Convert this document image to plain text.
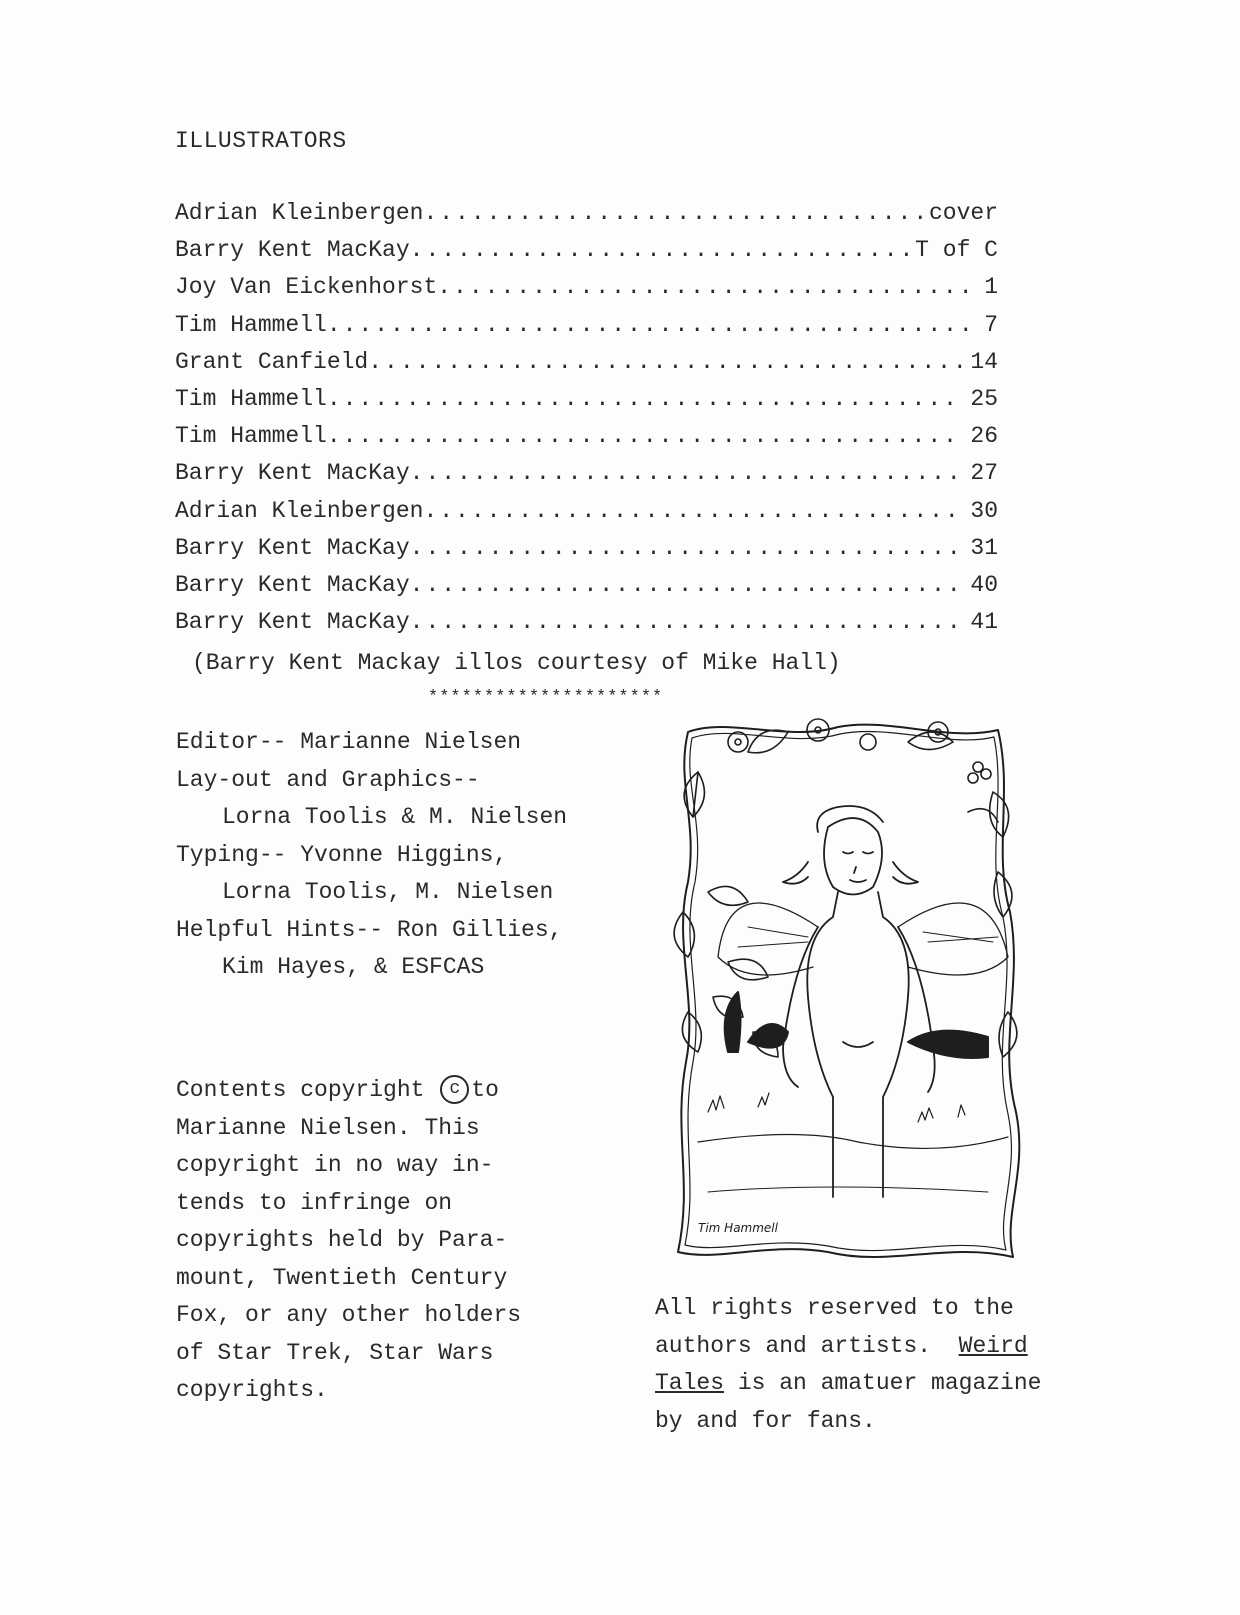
ILLUSTRATORS
Adrian Kleinbergen .....	cover
Barry Kent MacKay .....	T of C
Joy Van Eickenhorst .....	1
Tim Hammell .....	7
Grant Canfield .....	14
Tim Hammell .....	25
Tim Hammell .....	26
Barry Kent MacKay .....	27
Adrian Kleinbergen .....	30
Barry Kent MacKay .....	31
Barry Kent MacKay .....	40
Barry Kent MacKay .....	41
(Barry Kent Mackay illos courtesy of Mike Hall)
*********************
Editor-- Marianne Nielsen
Lay-out and Graphics--
Lorna Toolis & M. Nielsen
Typing-- Yvonne Higgins,
Lorna Toolis, M. Nielsen
Helpful Hints-- Ron Gillies,
Kim Hayes, & ESFCAS
Contents copyright c to
Marianne Nielsen. This
copyright in no way in-
tends to infringe on
copyrights held by Para-
mount, Twentieth Century
Fox, or any other holders
of Star Trek, Star Wars
copyrights.
All rights reserved to the
authors and artists.  Weird
Tales is an amatuer magazine
by and for fans.
Tim Hammell
